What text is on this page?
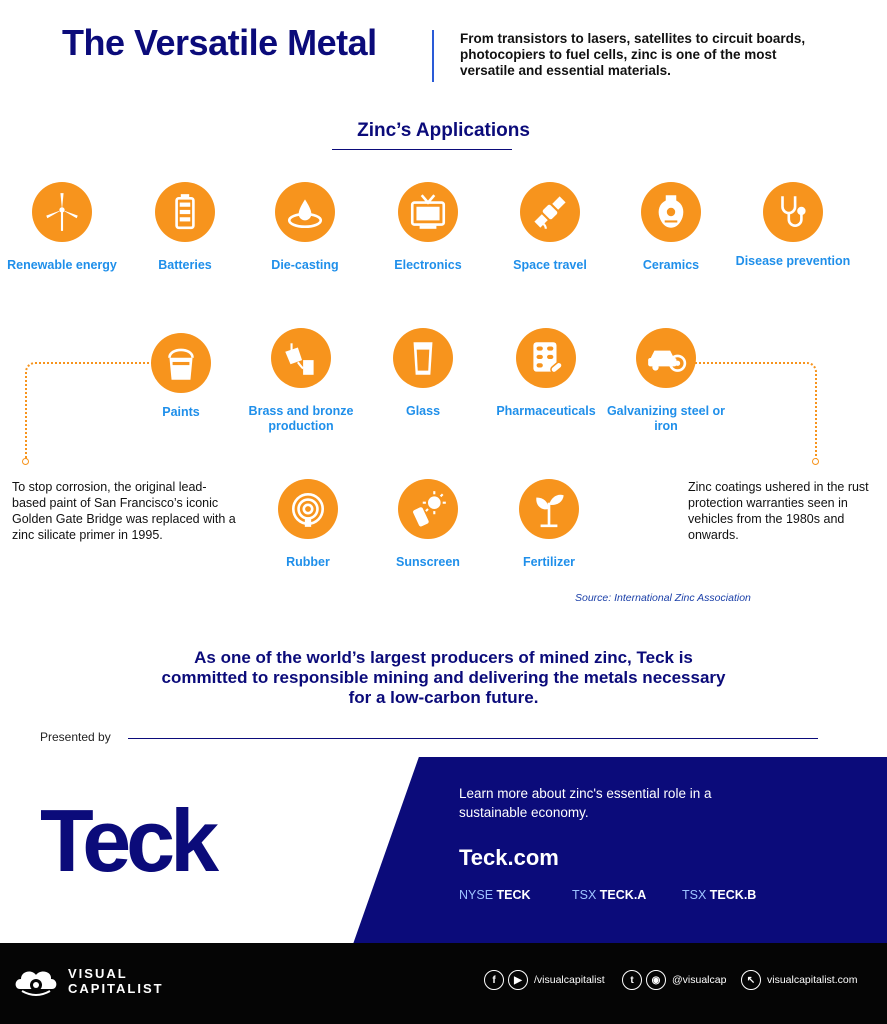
The Versatile Metal	From transistors to lasers, satellites to circuit boards, photocopiers to fuel cells, zinc is one of the most versatile and essential materials.
Zinc’s Applications
Renewable energy	Batteries	Die-casting	Electronics	Space travel	Ceramics	Disease prevention
Paints	Brass and bronze production
Glass	Pharmaceuticals Galvanizing steel or iron
Rubber	Sunscreen	Fertilizer
To stop corrosion, the original lead-based paint of San Francisco’s iconic Golden Gate Bridge was replaced with a zinc silicate primer in 1995.
Zinc coatings ushered in the rust protection warranties seen in vehicles from the 1980s and onwards.
Source: International Zinc Association
As one of the world’s largest producers of mined zinc, Teck is committed to responsible mining and delivering the metals necessary for a low-carbon future.
Presented by
Teck	Learn more about zinc's essential role in a sustainable economy.
Teck.com
NYSE TECK	TSX TECK.A	TSX TECK.B
VISUAL
CAPITALIST
f	▶	/visualcapitalist	t	◉	@visualcap	↖	visualcapitalist.com
